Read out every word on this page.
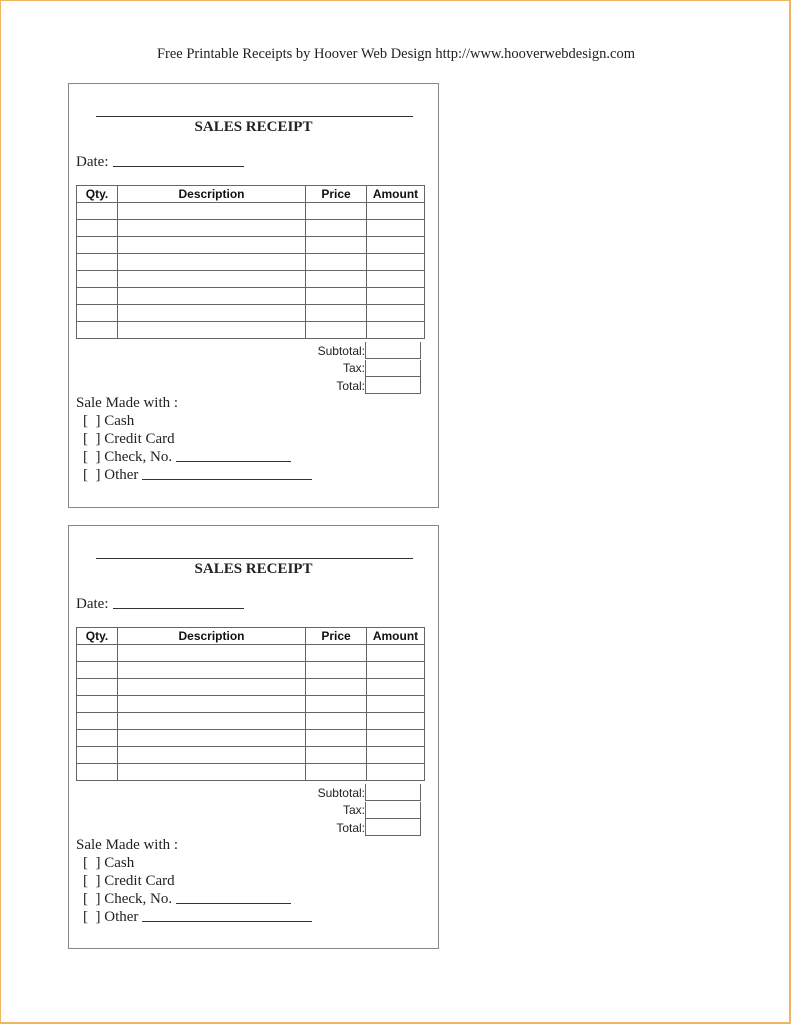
Free Printable Receipts by Hoover Web Design http://www.hooverwebdesign.com
SALES RECEIPT
Date:
Qty.	Description	Price	Amount

Subtotal:
Tax:
Total:
Sale Made with :
[  ] Cash
[  ] Credit Card
[  ] Check, No.
[  ] Other
SALES RECEIPT
Date:
Qty.	Description	Price	Amount

Subtotal:
Tax:
Total:
Sale Made with :
[  ] Cash
[  ] Credit Card
[  ] Check, No.
[  ] Other
